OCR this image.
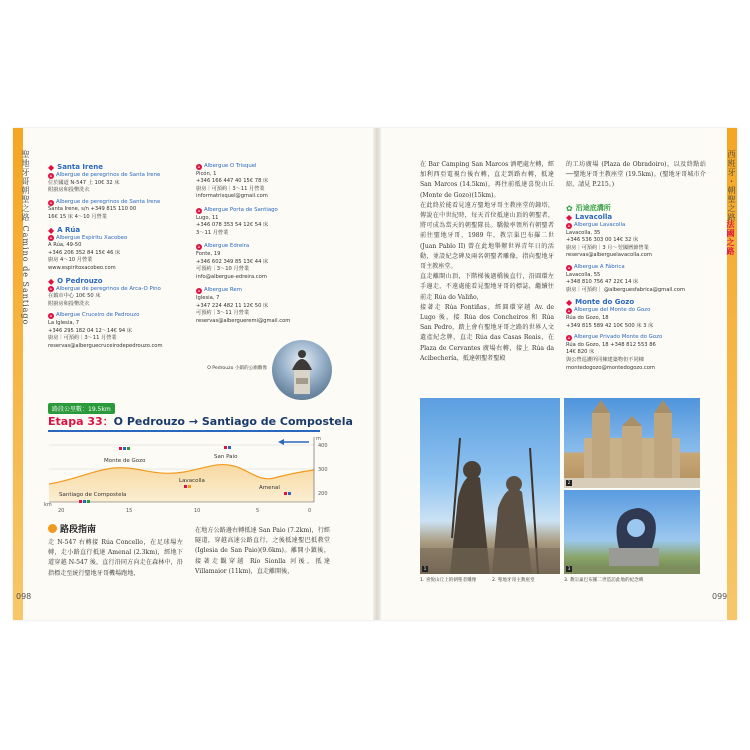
聖地牙哥朝聖之路 Camino de Santiago
098
◆ Santa Irene
⌂ Albergue de peregrinos de Santa Irene
位於國道 N-547 上 10€ 32 床
附廚房和投幣洗衣
⌂ Albergue de peregrinos de Santa Irene
Santa Irene, s/n +349 815 110 00
16€ 15 床 4～10 月營業
◆ A Rúa
⌂ Albergue Espiritu Xacobeo
A Rúa, 49-50
+346 206 352 84 15€ 46 床
廚房 4～10 月營業
www.espiritoxacobeo.com
◆ O Pedrouzo
⌂ Albergue de peregrinos de Arca-O Pino
在鎮市中心 10€ 50 床
附廚房和投幣洗衣
⌂ Albergue Cruceiro de Pedrouzo
La Iglesia, 7
+346 295 182 04 12～14€ 94 床
廚房｜可預約｜3～11 月營業
reservas@alberguecruceirodepedrouzo.com
⌂ Albergue O Trisquel
Picón, 1
+346 166 447 40 15€ 78 床
廚房｜可預約｜3～11 月營業
informatrisquel@gmail.com
⌂ Albergue Porta de Santiago
Lugo, 11
+346 078 353 54 12€ 54 床
3～11 月營業
⌂ Albergue Edreira
Fonte, 19
+346 602 349 85 13€ 44 床
可預約｜3～10 月營業
info@albergue-edreira.com
⌂ Albergue Rem
Iglesia, 7
+347 224 482 11 12€ 50 床
可預約｜3～11 月營業
reservas@albergueremi@gmail.com
O Pedrouzo 小鎮的公廁雕像
路段公里數：19.5km
Etapa 33：O Pedrouzo → Santiago de Compostela
m
400
300
200
km
20	15	10	5	0
Monte de Gozo
San Paio
Lavacolla
Amenal
Santiago de Compostela
路段指南
走 N-547 右轉接 Rúa Concello，在足球場左轉，走小路直行抵達 Amenal (2.3km)，經地下道穿越 N-547 後，直行沿同方向走在森林中，沿指標走至統行聖地牙哥機場跑地，
在地方公路邊右轉抵達 San Paio (7.2km)，行經隧道，穿越高速公路直行，之後抵達聖巴抵教堂 (Iglesia de San Paio)(9.6km)。離開小鎮後，接著走觀穿越 Río Sionlla 河後，抵達 Villamaior (11km)，直走離開後，
西班牙・朝聖之路
法國之路
099
在 Bar Camping San Marcos 酒吧處左轉，經加利西亞電視台後右轉，直走到路右轉，抵達 San Marcos (14.5km)，再往前抵達喜悅山丘 (Monte de Gozo)(15km)。
在此終於能看見遠方聖地牙哥主教座堂的鐘塔，傳說在中世紀時，每天首位抵達山頂的朝聖者，將可成為當天的朝聖隊長。驕傲率領所有朝聖者前往聖地牙哥，1989 年，教宗巢巴布羅二世 (Juan Pablo II) 曾在此地舉辦世界青年日的活動，並設紀念碑及兩名朝聖者雕像，指向聖地牙哥主教座堂。
直走離開山頂，下階梯後過橋後直行，沿圓環左手邊走，不遠處能看見聖地牙哥的標誌，繼續往前走 Rúa do Valiño，
接著走 Rúa Fontiñas，經圓環穿越 Av. de Lugo 後，接 Rúa dos Concheiros 和 Rúa San Pedro，踏上會有聖地牙哥之路的世界人文遺產紀念牌，直走 Rúa das Casas Reais，在 Plaza de Cervantes 廣場右轉，接上 Rúa da Acibechería，抵達朝聖者聖殿
的工坊廣場 (Plaza de Obradoiro)，以及終點站──聖地牙哥主教座堂 (19.5km)。(聖地牙哥城市介紹，請見 P.215。)
✿ 沿途底溝所
◆ Lavacolla
⌂ Albergue Lavacolla
Lavacolla, 35
+346 536 303 00 14€ 32 床
廚房｜可預約｜3 月～翌國曆節營業
reservas@alberguelavacolla.com
⌂ Albergue A Fábrica
Lavacolla, 55
+348 810 756 47 22€ 14 床
廚房｜可預約｜ @alberguesfabrica@gmail.com
◆ Monte do Gozo
⌂ Albergue del Monte do Gozo
Rúa do Gozo, 18
+349 815 589 42 10€ 500 床 3 床
⌂ Albergue Privado Monte do Gozo
Rúa do Gozo, 18 +348 812 553 86
14€ 820 床
與公營巡護所同棟建築物但不同棟
montedogozo@montedogozo.com
1
2
3
1. 喜悅山丘上的朝聖者雕像	2. 聖地牙哥主教座堂	3. 教宗巢巴布羅二世造訪此地的紀念碑
